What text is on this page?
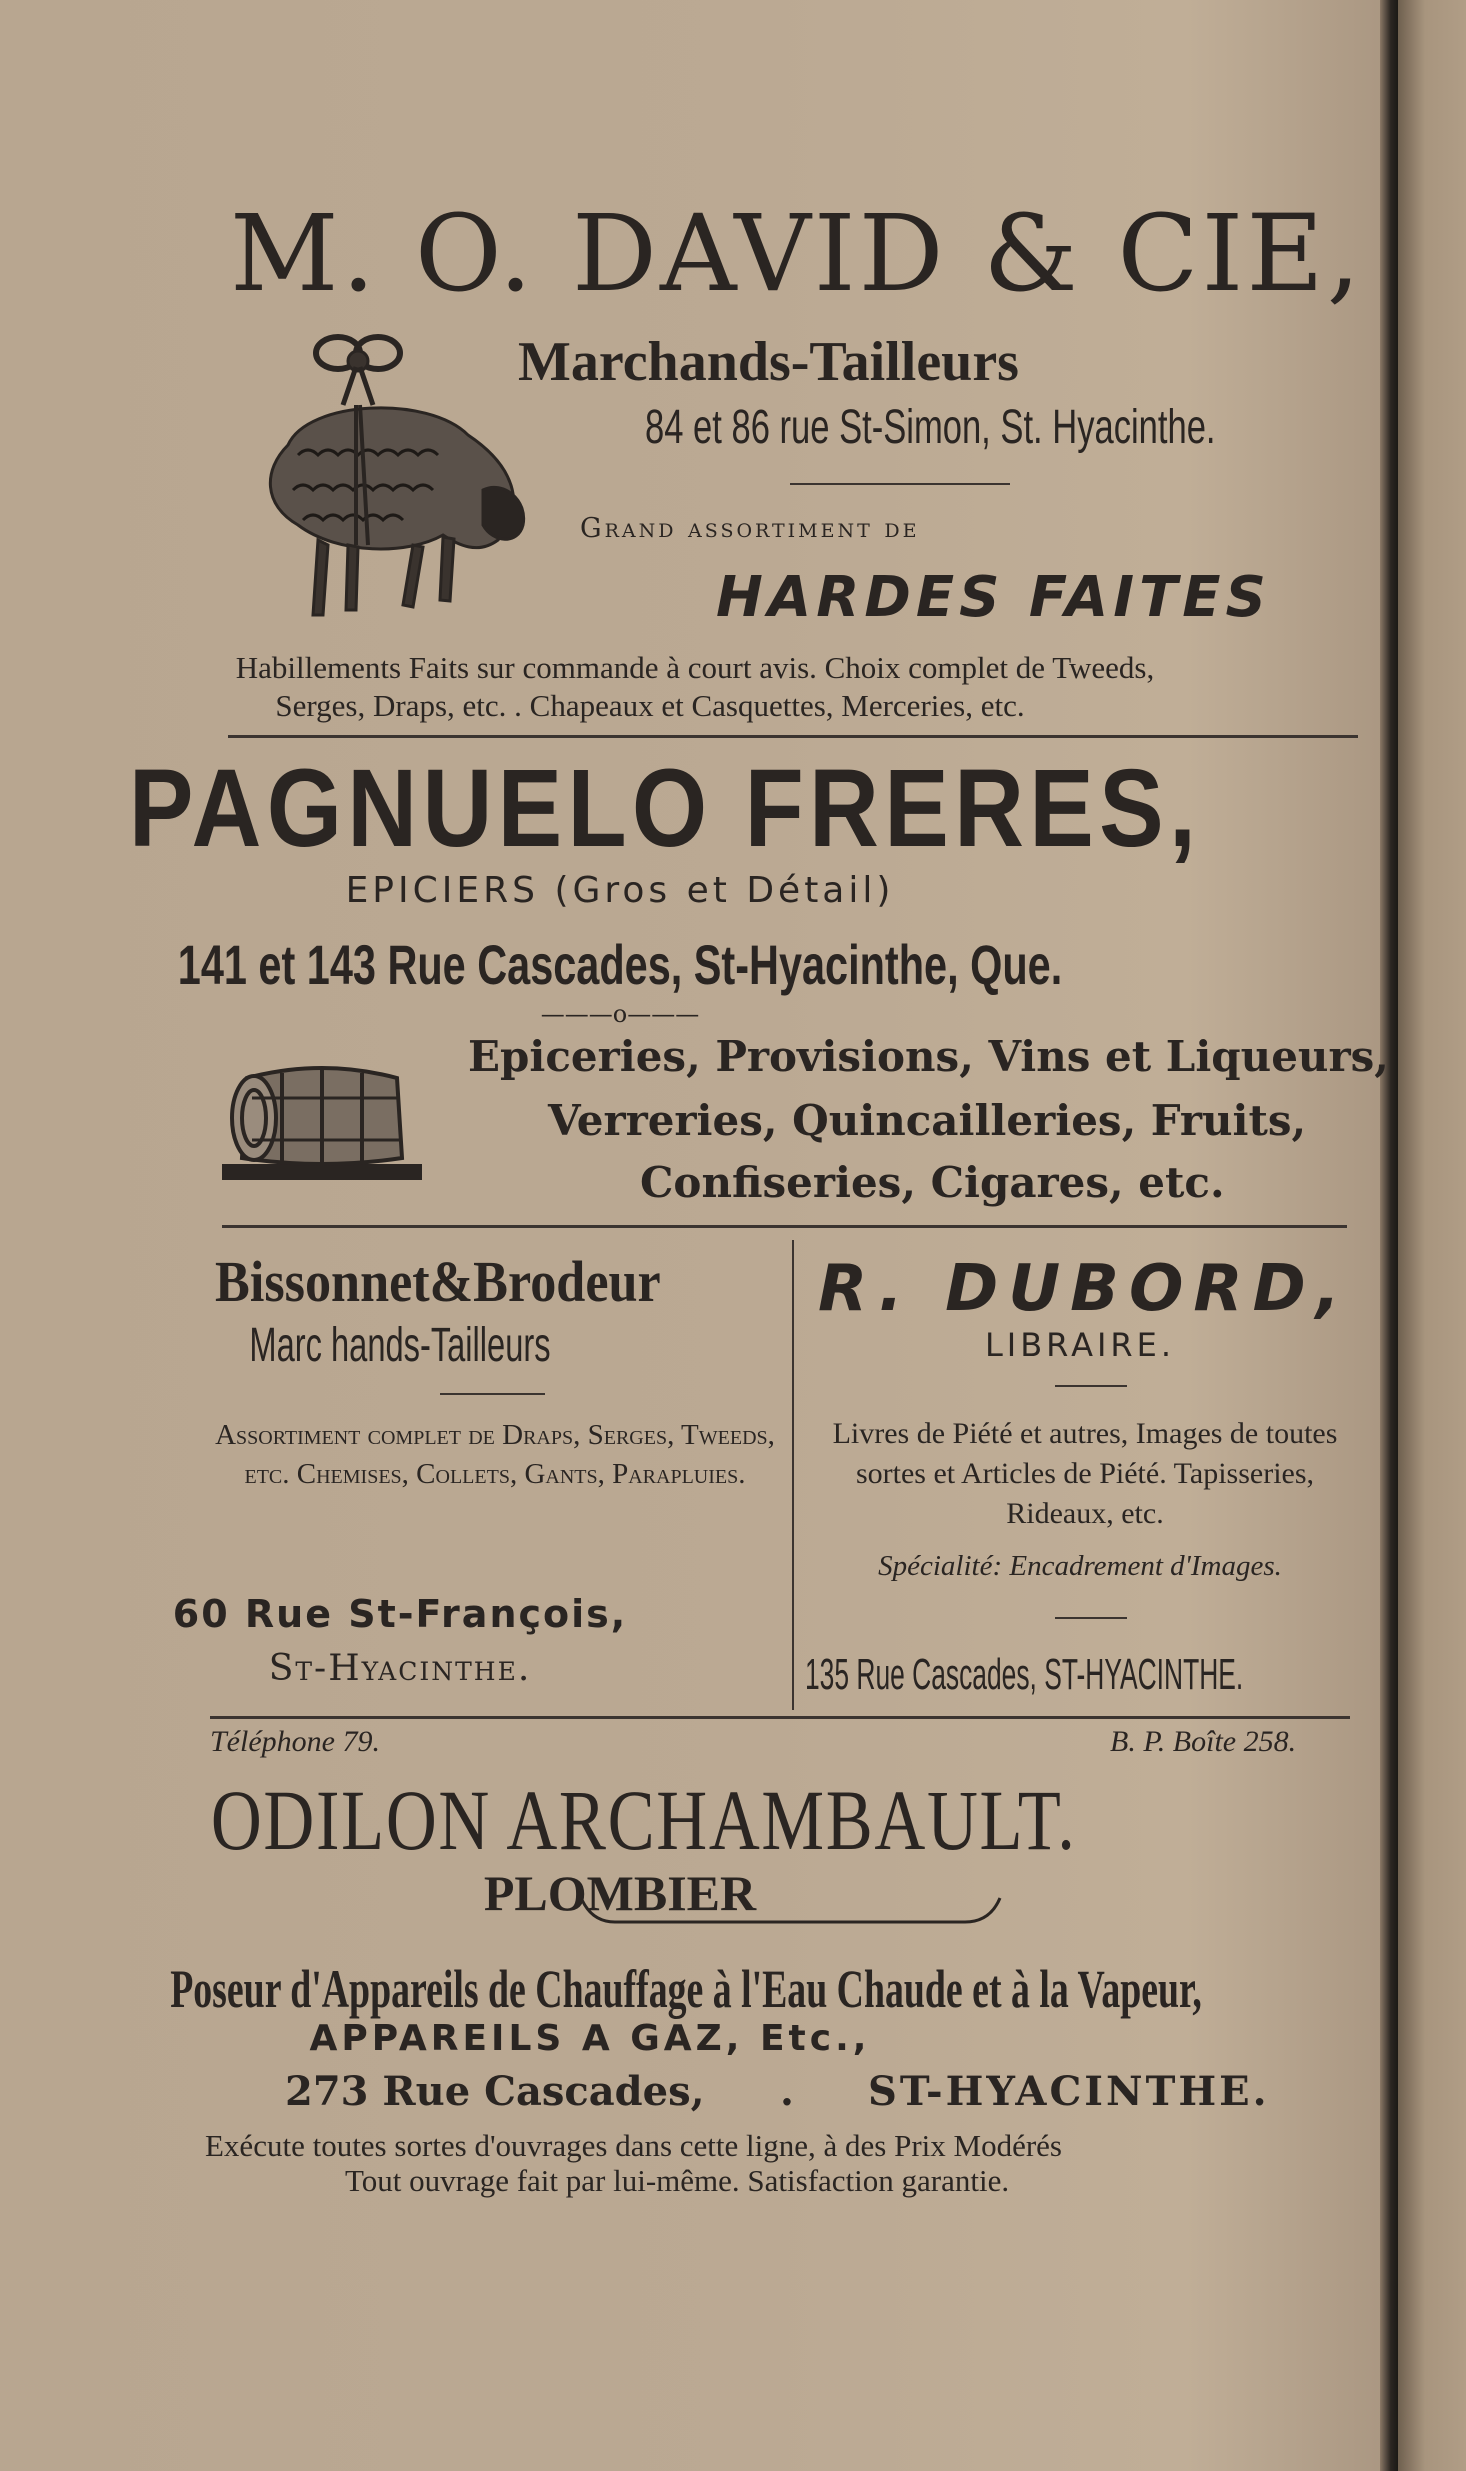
M. O. DAVID & CIE,
Marchands-Tailleurs
84 et 86 rue St-Simon, St. Hyacinthe.
Grand assortiment de
HARDES FAITES
Habillements Faits sur commande à court avis. Choix complet de Tweeds,
Serges, Draps, etc. . Chapeaux et Casquettes, Merceries, etc.
PAGNUELO FRERES,
EPICIERS (Gros et Détail)
141 et 143 Rue Cascades, St-Hyacinthe, Que.
———o———
Epiceries, Provisions, Vins et Liqueurs,
Verreries, Quincailleries, Fruits,
Confiseries, Cigares, etc.
Bissonnet&Brodeur
Marc hands-Tailleurs
Assortiment complet de Draps, Serges, Tweeds, etc. Chemises, Collets, Gants, Parapluies.
60 Rue St-François,
St-Hyacinthe.
R. DUBORD,
LIBRAIRE.
Livres de Piété et autres, Images de toutes sortes et Articles de Piété. Tapisseries, Rideaux, etc.
Spécialité: Encadrement d'Images.
135 Rue Cascades, ST-HYACINTHE.
Téléphone 79.	B. P. Boîte 258.
ODILON ARCHAMBAULT.
PLOMBIER
Poseur d'Appareils de Chauffage à l'Eau Chaude et à la Vapeur,
APPAREILS A GAZ, Etc.,
273 Rue Cascades, . ST-HYACINTHE.
Exécute toutes sortes d'ouvrages dans cette ligne, à des Prix Modérés
Tout ouvrage fait par lui-même. Satisfaction garantie.
